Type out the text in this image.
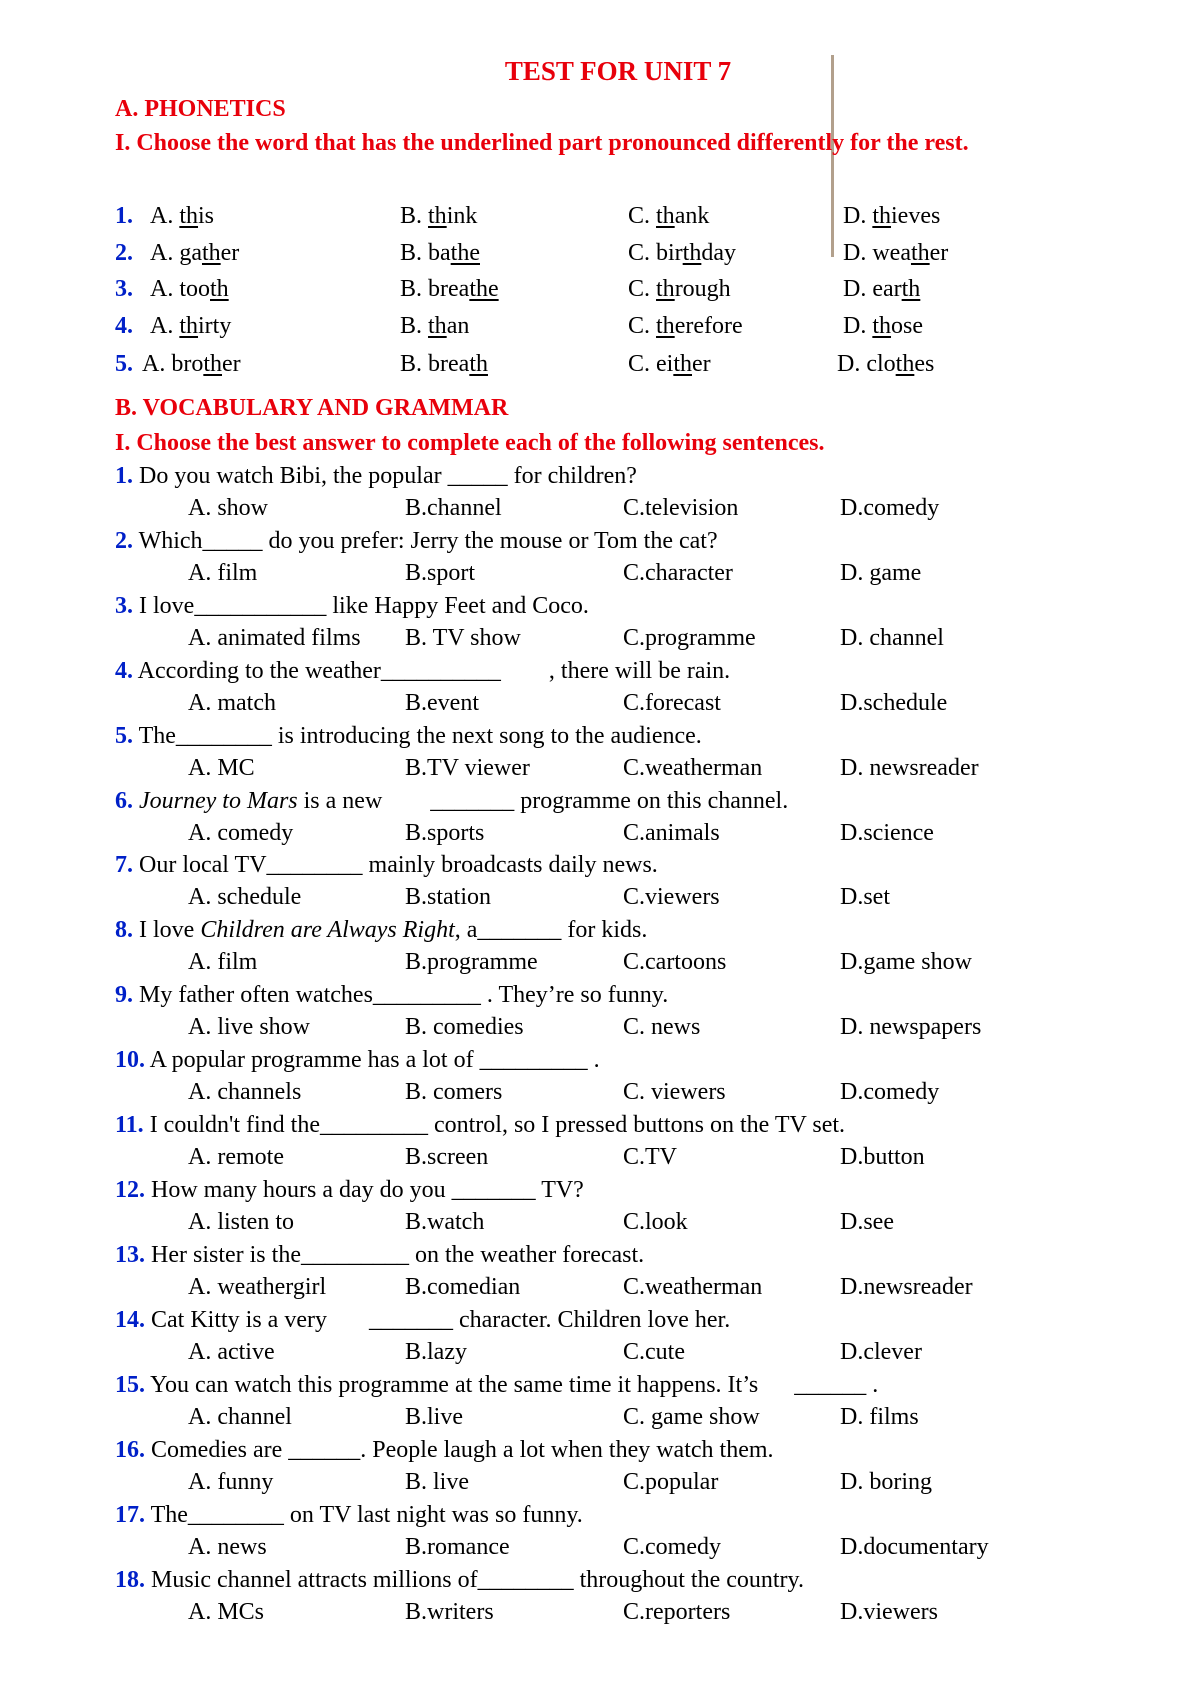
TEST FOR UNIT 7
A. PHONETICS
I. Choose the word that has the underlined part pronounced differently for the rest.
1. A. this	B. think	C. thank	D. thieves
2. A. gather	B. bathe	C. birthday	D. weather
3. A. tooth	B. breathe	C. through	D. earth
4. A. thirty	B. than	C. therefore	D. those
5. A. brother	B. breath	C. either	D. clothes
B. VOCABULARY AND GRAMMAR
I. Choose the best answer to complete each of the following sentences.
1. Do you watch Bibi, the popular _____ for children?
A. show	B.channel	C.television	D.comedy
2. Which_____ do you prefer: Jerry the mouse or Tom the cat?
A. film	B.sport	C.character	D. game
3. I love___________ like Happy Feet and Coco.
A. animated films B. TV show	C.programme	D. channel
4. According to the weather__________        , there will be rain.
A. match	B.event	C.forecast	D.schedule
5. The________ is introducing the next song to the audience.
A. MC	B.TV viewer	C.weatherman	D. newsreader
6. Journey to Mars is a new        _______ programme on this channel.
A. comedy	B.sports	C.animals	D.science
7. Our local TV________ mainly broadcasts daily news.
A. schedule	B.station	C.viewers	D.set
8. I love Children are Always Right, a_______ for kids.
A. film	B.programme	C.cartoons	D.game show
9. My father often watches_________ . They’re so funny.
A. live show	B. comedies	C. news	D. newspapers
10. A popular programme has a lot of _________ .
A. channels	B. comers	C. viewers	D.comedy
11. I couldn't find the_________ control, so I pressed buttons on the TV set.
A. remote	B.screen	C.TV	D.button
12. How many hours a day do you _______ TV?
A. listen to	B.watch	C.look	D.see
13. Her sister is the_________ on the weather forecast.
A. weathergirl	B.comedian	C.weatherman	D.newsreader
14. Cat Kitty is a very       _______ character. Children love her.
A. active	B.lazy	C.cute	D.clever
15. You can watch this programme at the same time it happens. It’s      ______ .
A. channel	B.live	C. game show	D. films
16. Comedies are ______. People laugh a lot when they watch them.
A. funny	B. live	C.popular	D. boring
17. The________ on TV last night was so funny.
A. news	B.romance	C.comedy	D.documentary
18. Music channel attracts millions of________ throughout the country.
A. MCs	B.writers	C.reporters	D.viewers
